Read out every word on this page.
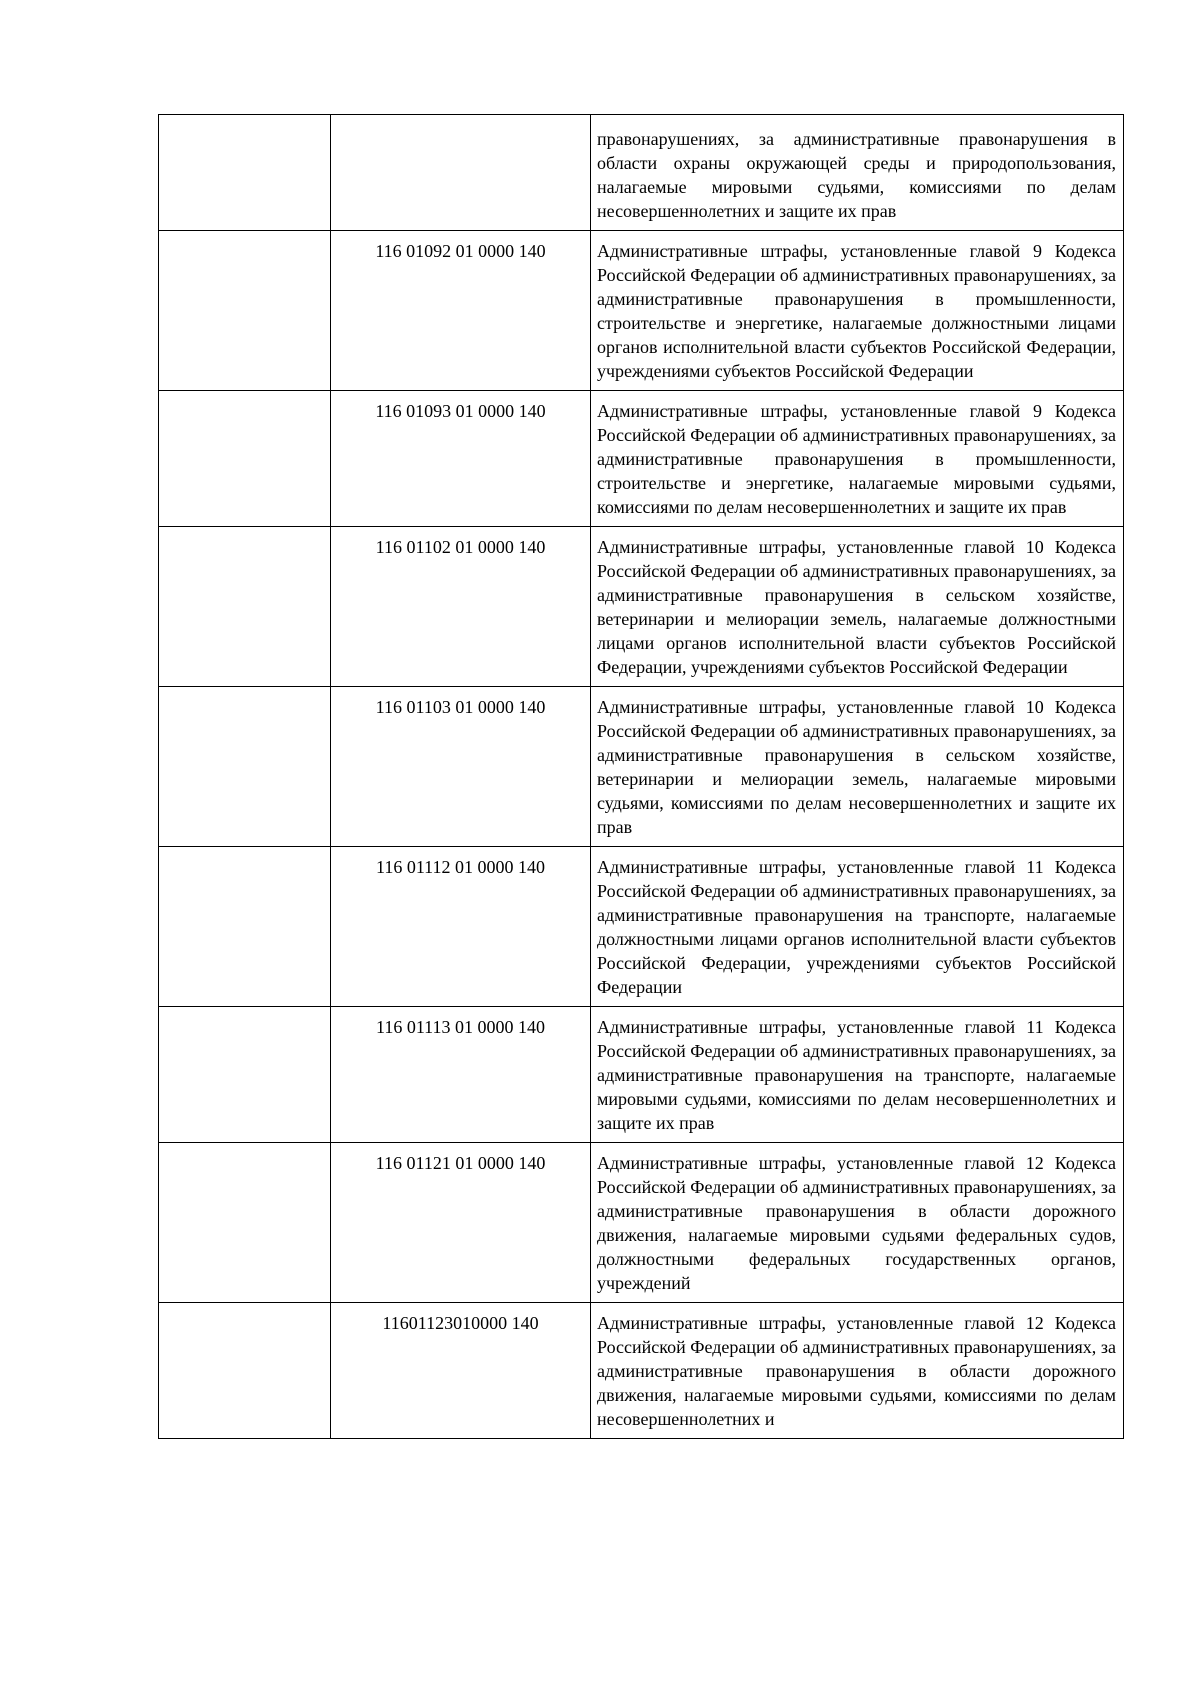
		правонарушениях, за административные правонарушения в области охраны окружающей среды и природопользования, налагаемые мировыми судьями, комиссиями по делам несовершеннолетних и защите их прав
	116 01092 01 0000 140	Административные штрафы, установленные главой 9 Кодекса Российской Федерации об административных правонарушениях, за административные правонарушения в промышленности, строительстве и энергетике, налагаемые должностными лицами органов исполнительной власти субъектов Российской Федерации, учреждениями субъектов Российской Федерации
	116 01093 01 0000 140	Административные штрафы, установленные главой 9 Кодекса Российской Федерации об административных правонарушениях, за административные правонарушения в промышленности, строительстве и энергетике, налагаемые мировыми судьями, комиссиями по делам несовершеннолетних и защите их прав
	116 01102 01 0000 140	Административные штрафы, установленные главой 10 Кодекса Российской Федерации об административных правонарушениях, за административные правонарушения в сельском хозяйстве, ветеринарии и мелиорации земель, налагаемые должностными лицами органов исполнительной власти субъектов Российской Федерации, учреждениями субъектов Российской Федерации
	116 01103 01 0000 140	Административные штрафы, установленные главой 10 Кодекса Российской Федерации об административных правонарушениях, за административные правонарушения в сельском хозяйстве, ветеринарии и мелиорации земель, налагаемые мировыми судьями, комиссиями по делам несовершеннолетних и защите их прав
	116 01112 01 0000 140	Административные штрафы, установленные главой 11 Кодекса Российской Федерации об административных правонарушениях, за административные правонарушения на транспорте, налагаемые должностными лицами органов исполнительной власти субъектов Российской Федерации, учреждениями субъектов Российской Федерации
	116 01113 01 0000 140	Административные штрафы, установленные главой 11 Кодекса Российской Федерации об административных правонарушениях, за административные правонарушения на транспорте, налагаемые мировыми судьями, комиссиями по делам несовершеннолетних и защите их прав
	116 01121 01 0000 140	Административные штрафы, установленные главой 12 Кодекса Российской Федерации об административных правонарушениях, за административные правонарушения в области дорожного движения, налагаемые мировыми судьями федеральных судов, должностными федеральных государственных органов, учреждений
	11601123010000 140	Административные штрафы, установленные главой 12 Кодекса Российской Федерации об административных правонарушениях, за административные правонарушения в области дорожного движения, налагаемые мировыми судьями, комиссиями по делам несовершеннолетних и
